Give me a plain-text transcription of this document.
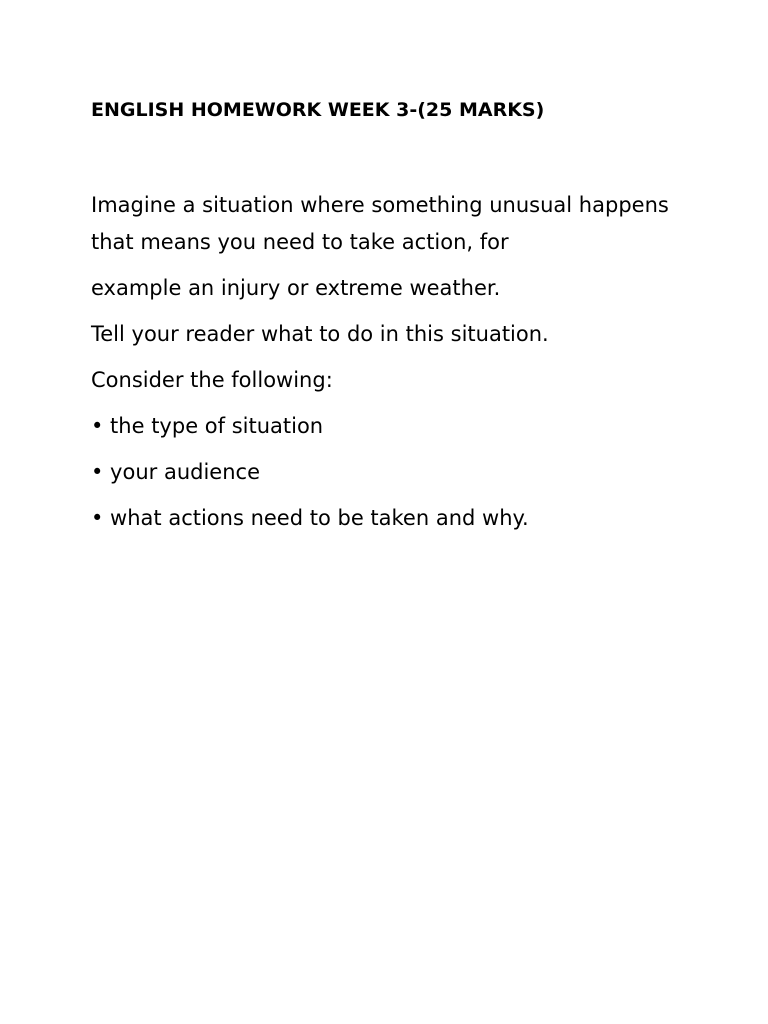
ENGLISH HOMEWORK WEEK 3-(25 MARKS)

Imagine a situation where something unusual happens that means you need to take action, for

example an injury or extreme weather.

Tell your reader what to do in this situation.

Consider the following:

• the type of situation

• your audience

• what actions need to be taken and why.
